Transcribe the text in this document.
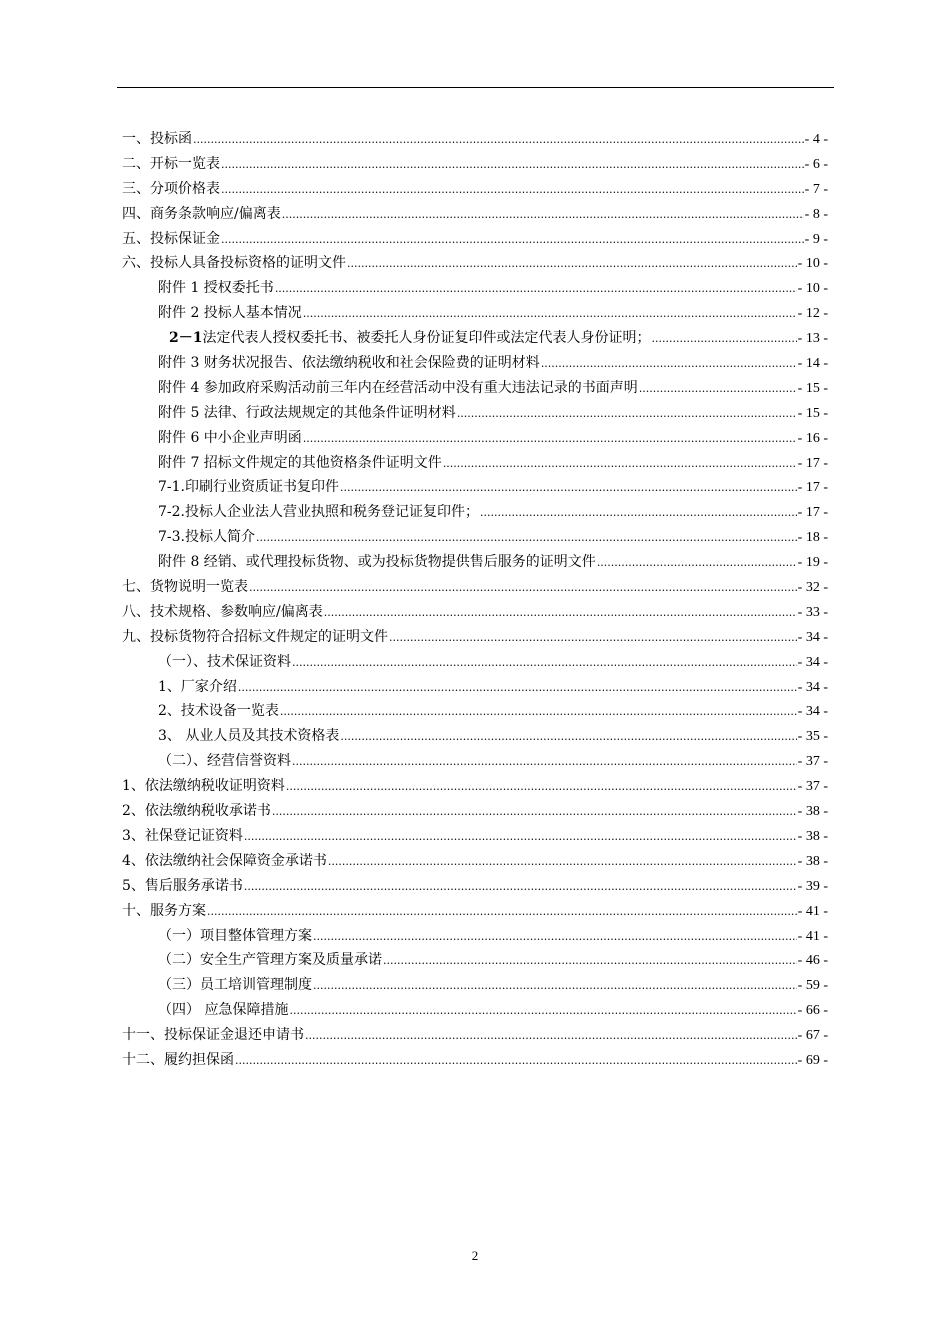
一、投标函 .....	- 4 -
二、开标一览表 .....	- 6 -
三、分项价格表 .....	- 7 -
四、商务条款响应/偏离表 .....	- 8 -
五、投标保证金 .....	- 9 -
六、投标人具备投标资格的证明文件 .....	- 10 -
附件 1 授权委托书 .....	- 10 -
附件 2 投标人基本情况 .....	- 12 -
2－1法定代表人授权委托书、被委托人身份证复印件或法定代表人身份证明； .....	- 13 -
附件 3 财务状况报告、依法缴纳税收和社会保险费的证明材料 .....	- 14 -
附件 4 参加政府采购活动前三年内在经营活动中没有重大违法记录的书面声明 .....	- 15 -
附件 5 法律、行政法规规定的其他条件证明材料 .....	- 15 -
附件 6 中小企业声明函 .....	- 16 -
附件 7 招标文件规定的其他资格条件证明文件 .....	- 17 -
7-1.印刷行业资质证书复印件 .....	- 17 -
7-2.投标人企业法人营业执照和税务登记证复印件； .....	- 17 -
7-3.投标人简介 .....	- 18 -
附件 8 经销、或代理投标货物、或为投标货物提供售后服务的证明文件 .....	- 19 -
七、货物说明一览表 .....	- 32 -
八、技术规格、参数响应/偏离表 .....	- 33 -
九、投标货物符合招标文件规定的证明文件 .....	- 34 -
（一）、技术保证资料 .....	- 34 -
1、厂家介绍 .....	- 34 -
2、技术设备一览表 .....	- 34 -
3、 从业人员及其技术资格表 .....	- 35 -
（二）、经营信誉资料 .....	- 37 -
1、依法缴纳税收证明资料 .....	- 37 -
2、依法缴纳税收承诺书 .....	- 38 -
3、社保登记证资料 .....	- 38 -
4、依法缴纳社会保障资金承诺书 .....	- 38 -
5、售后服务承诺书 .....	- 39 -
十、服务方案 .....	- 41 -
（一）项目整体管理方案 .....	- 41 -
（二）安全生产管理方案及质量承诺 .....	- 46 -
（三）员工培训管理制度 .....	- 59 -
（四） 应急保障措施 .....	- 66 -
十一、投标保证金退还申请书 .....	- 67 -
十二、履约担保函 .....	- 69 -
2
